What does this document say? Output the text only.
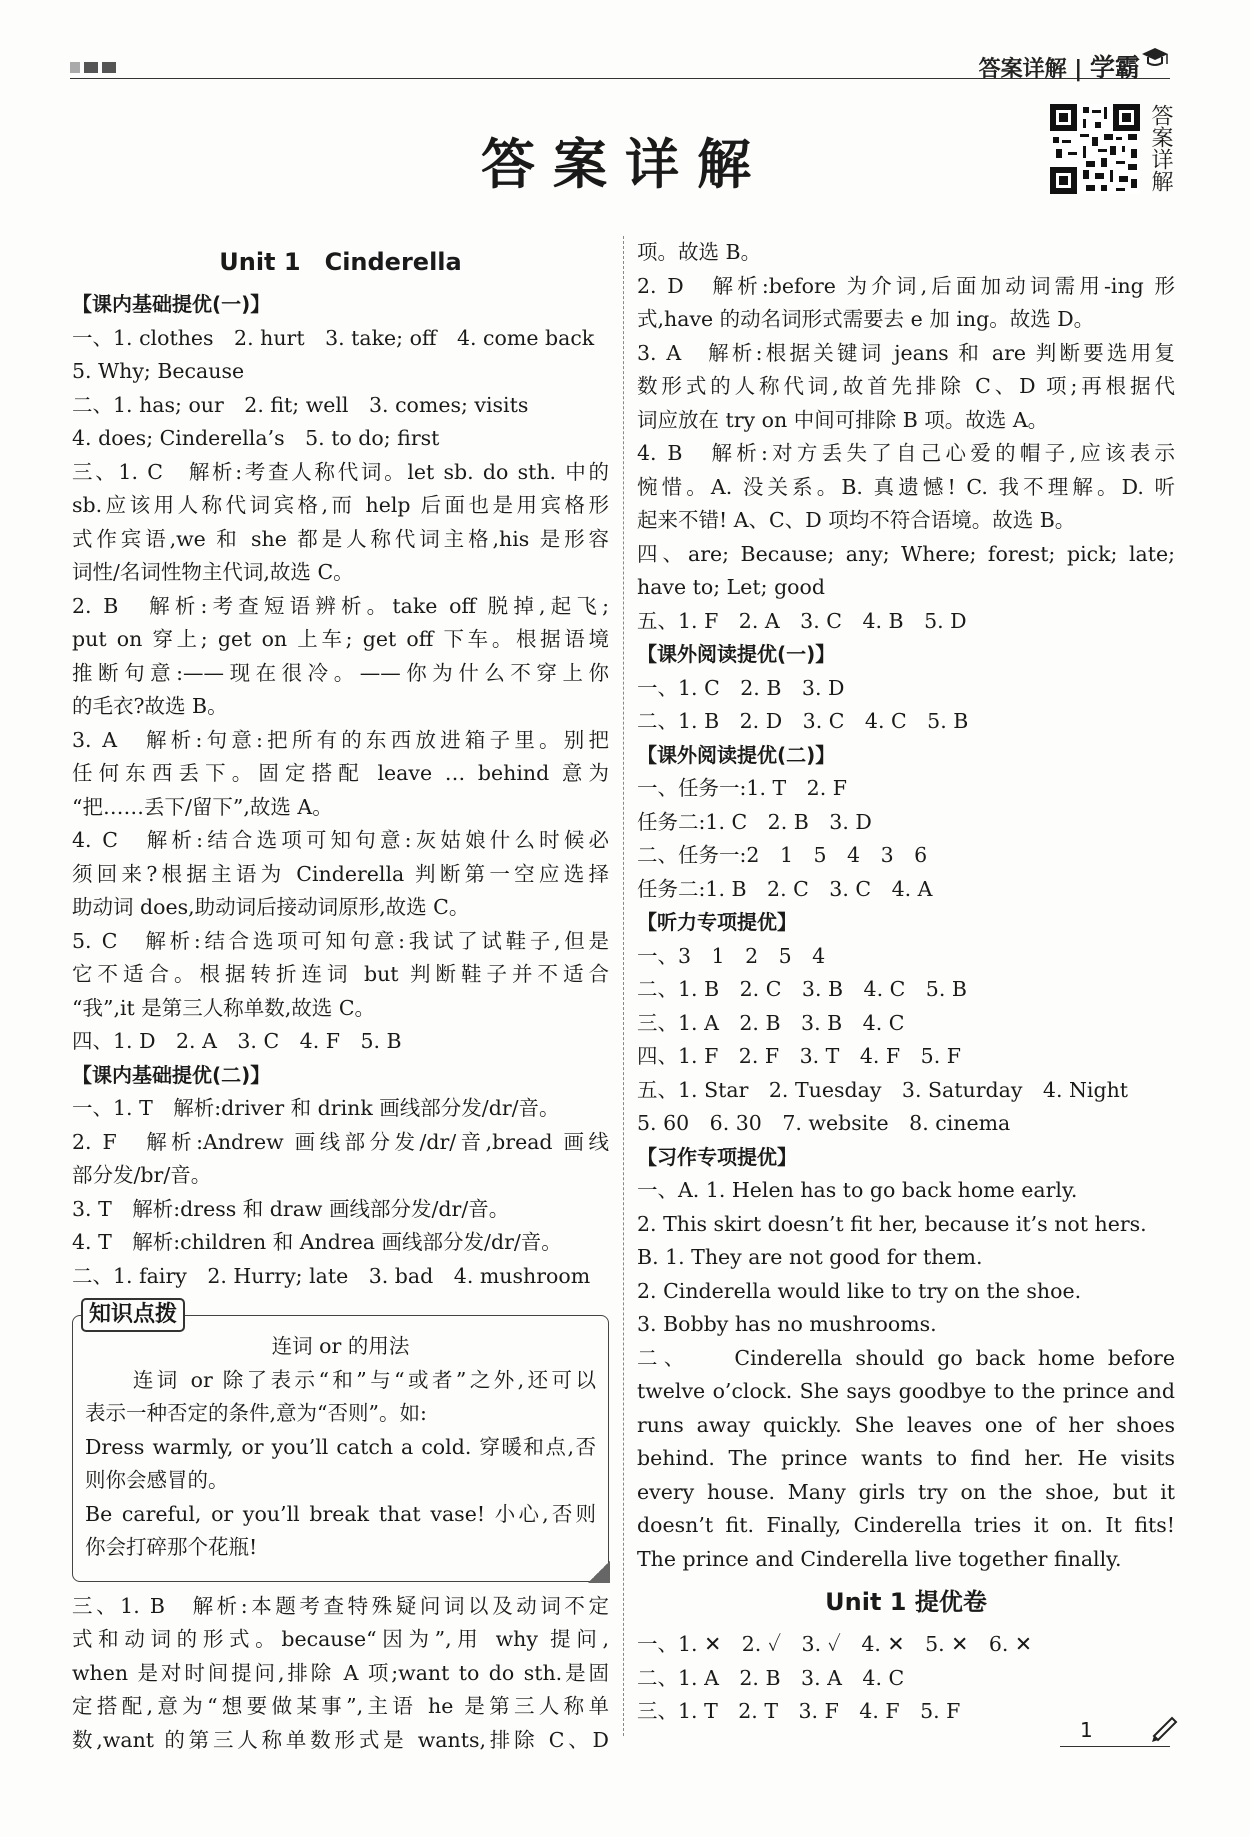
答案详解 | 学霸
答案详解	答案详解
Unit 1　Cinderella
【课内基础提优(一)】
一、1. clothes　2. hurt　3. take; off　4. come back
5. Why; Because
二、1. has; our　2. fit; well　3. comes; visits
4. does; Cinderella’s　5. to do; first
三、1. C　解析:考查人称代词。let sb. do sth. 中的
sb.应该用人称代词宾格,而 help 后面也是用宾格形
式作宾语,we 和 she 都是人称代词主格,his 是形容
词性/名词性物主代词,故选 C。
2. B　解析:考查短语辨析。take off 脱掉,起飞;
put on 穿上; get on 上车; get off 下车。根据语境
推断句意:——现在很冷。——你为什么不穿上你
的毛衣?故选 B。
3. A　解析:句意:把所有的东西放进箱子里。别把
任何东西丢下。固定搭配 leave … behind 意为
“把……丢下/留下”,故选 A。
4. C　解析:结合选项可知句意:灰姑娘什么时候必
须回来?根据主语为 Cinderella 判断第一空应选择
助动词 does,助动词后接动词原形,故选 C。
5. C　解析:结合选项可知句意:我试了试鞋子,但是
它不适合。根据转折连词 but 判断鞋子并不适合
“我”,it 是第三人称单数,故选 C。
四、1. D　2. A　3. C　4. F　5. B
【课内基础提优(二)】
一、1. T　解析:driver 和 drink 画线部分发/dr/音。
2. F　解析:Andrew 画线部分发/dr/音,bread 画线
部分发/br/音。
3. T　解析:dress 和 draw 画线部分发/dr/音。
4. T　解析:children 和 Andrea 画线部分发/dr/音。
二、1. fairy　2. Hurry; late　3. bad　4. mushroom
知识点拨
连词 or 的用法
　　连词 or 除了表示“和”与“或者”之外,还可以
表示一种否定的条件,意为“否则”。如:
Dress warmly, or you’ll catch a cold. 穿暖和点,否
则你会感冒的。
Be careful, or you’ll break that vase! 小心,否则
你会打碎那个花瓶!
三、1. B　解析:本题考查特殊疑问词以及动词不定
式和动词的形式。because“因为”,用 why 提问,
when 是对时间提问,排除 A 项;want to do sth.是固
定搭配,意为“想要做某事”,主语 he 是第三人称单
数,want 的第三人称单数形式是 wants,排除 C、D
项。故选 B。
2. D　解析:before 为介词,后面加动词需用-ing 形
式,have 的动名词形式需要去 e 加 ing。故选 D。
3. A　解析:根据关键词 jeans 和 are 判断要选用复
数形式的人称代词,故首先排除 C、D 项;再根据代
词应放在 try on 中间可排除 B 项。故选 A。
4. B　解析:对方丢失了自己心爱的帽子,应该表示
惋惜。A. 没关系。B. 真遗憾! C. 我不理解。D. 听
起来不错! A、C、D 项均不符合语境。故选 B。
四、are; Because; any; Where; forest; pick; late;
have to; Let; good
五、1. F　2. A　3. C　4. B　5. D
【课外阅读提优(一)】
一、1. C　2. B　3. D
二、1. B　2. D　3. C　4. C　5. B
【课外阅读提优(二)】
一、任务一:1. T　2. F
任务二:1. C　2. B　3. D
二、任务一:2　1　5　4　3　6
任务二:1. B　2. C　3. C　4. A
【听力专项提优】
一、3　1　2　5　4
二、1. B　2. C　3. B　4. C　5. B
三、1. A　2. B　3. B　4. C
四、1. F　2. F　3. T　4. F　5. F
五、1. Star　2. Tuesday　3. Saturday　4. Night
5. 60　6. 30　7. website　8. cinema
【习作专项提优】
一、A. 1. Helen has to go back home early.
2. This skirt doesn’t fit her, because it’s not hers.
B. 1. They are not good for them.
2. Cinderella would like to try on the shoe.
3. Bobby has no mushrooms.
二、　　Cinderella should go back home before
twelve o’clock. She says goodbye to the prince and
runs away quickly. She leaves one of her shoes
behind. The prince wants to find her. He visits
every house. Many girls try on the shoe, but it
doesn’t fit. Finally, Cinderella tries it on. It fits!
The prince and Cinderella live together finally.
Unit 1 提优卷
一、1. ✕　2. ✓　3. ✓　4. ✕　5. ✕　6. ✕
二、1. A　2. B　3. A　4. C
三、1. T　2. T　3. F　4. F　5. F
1
